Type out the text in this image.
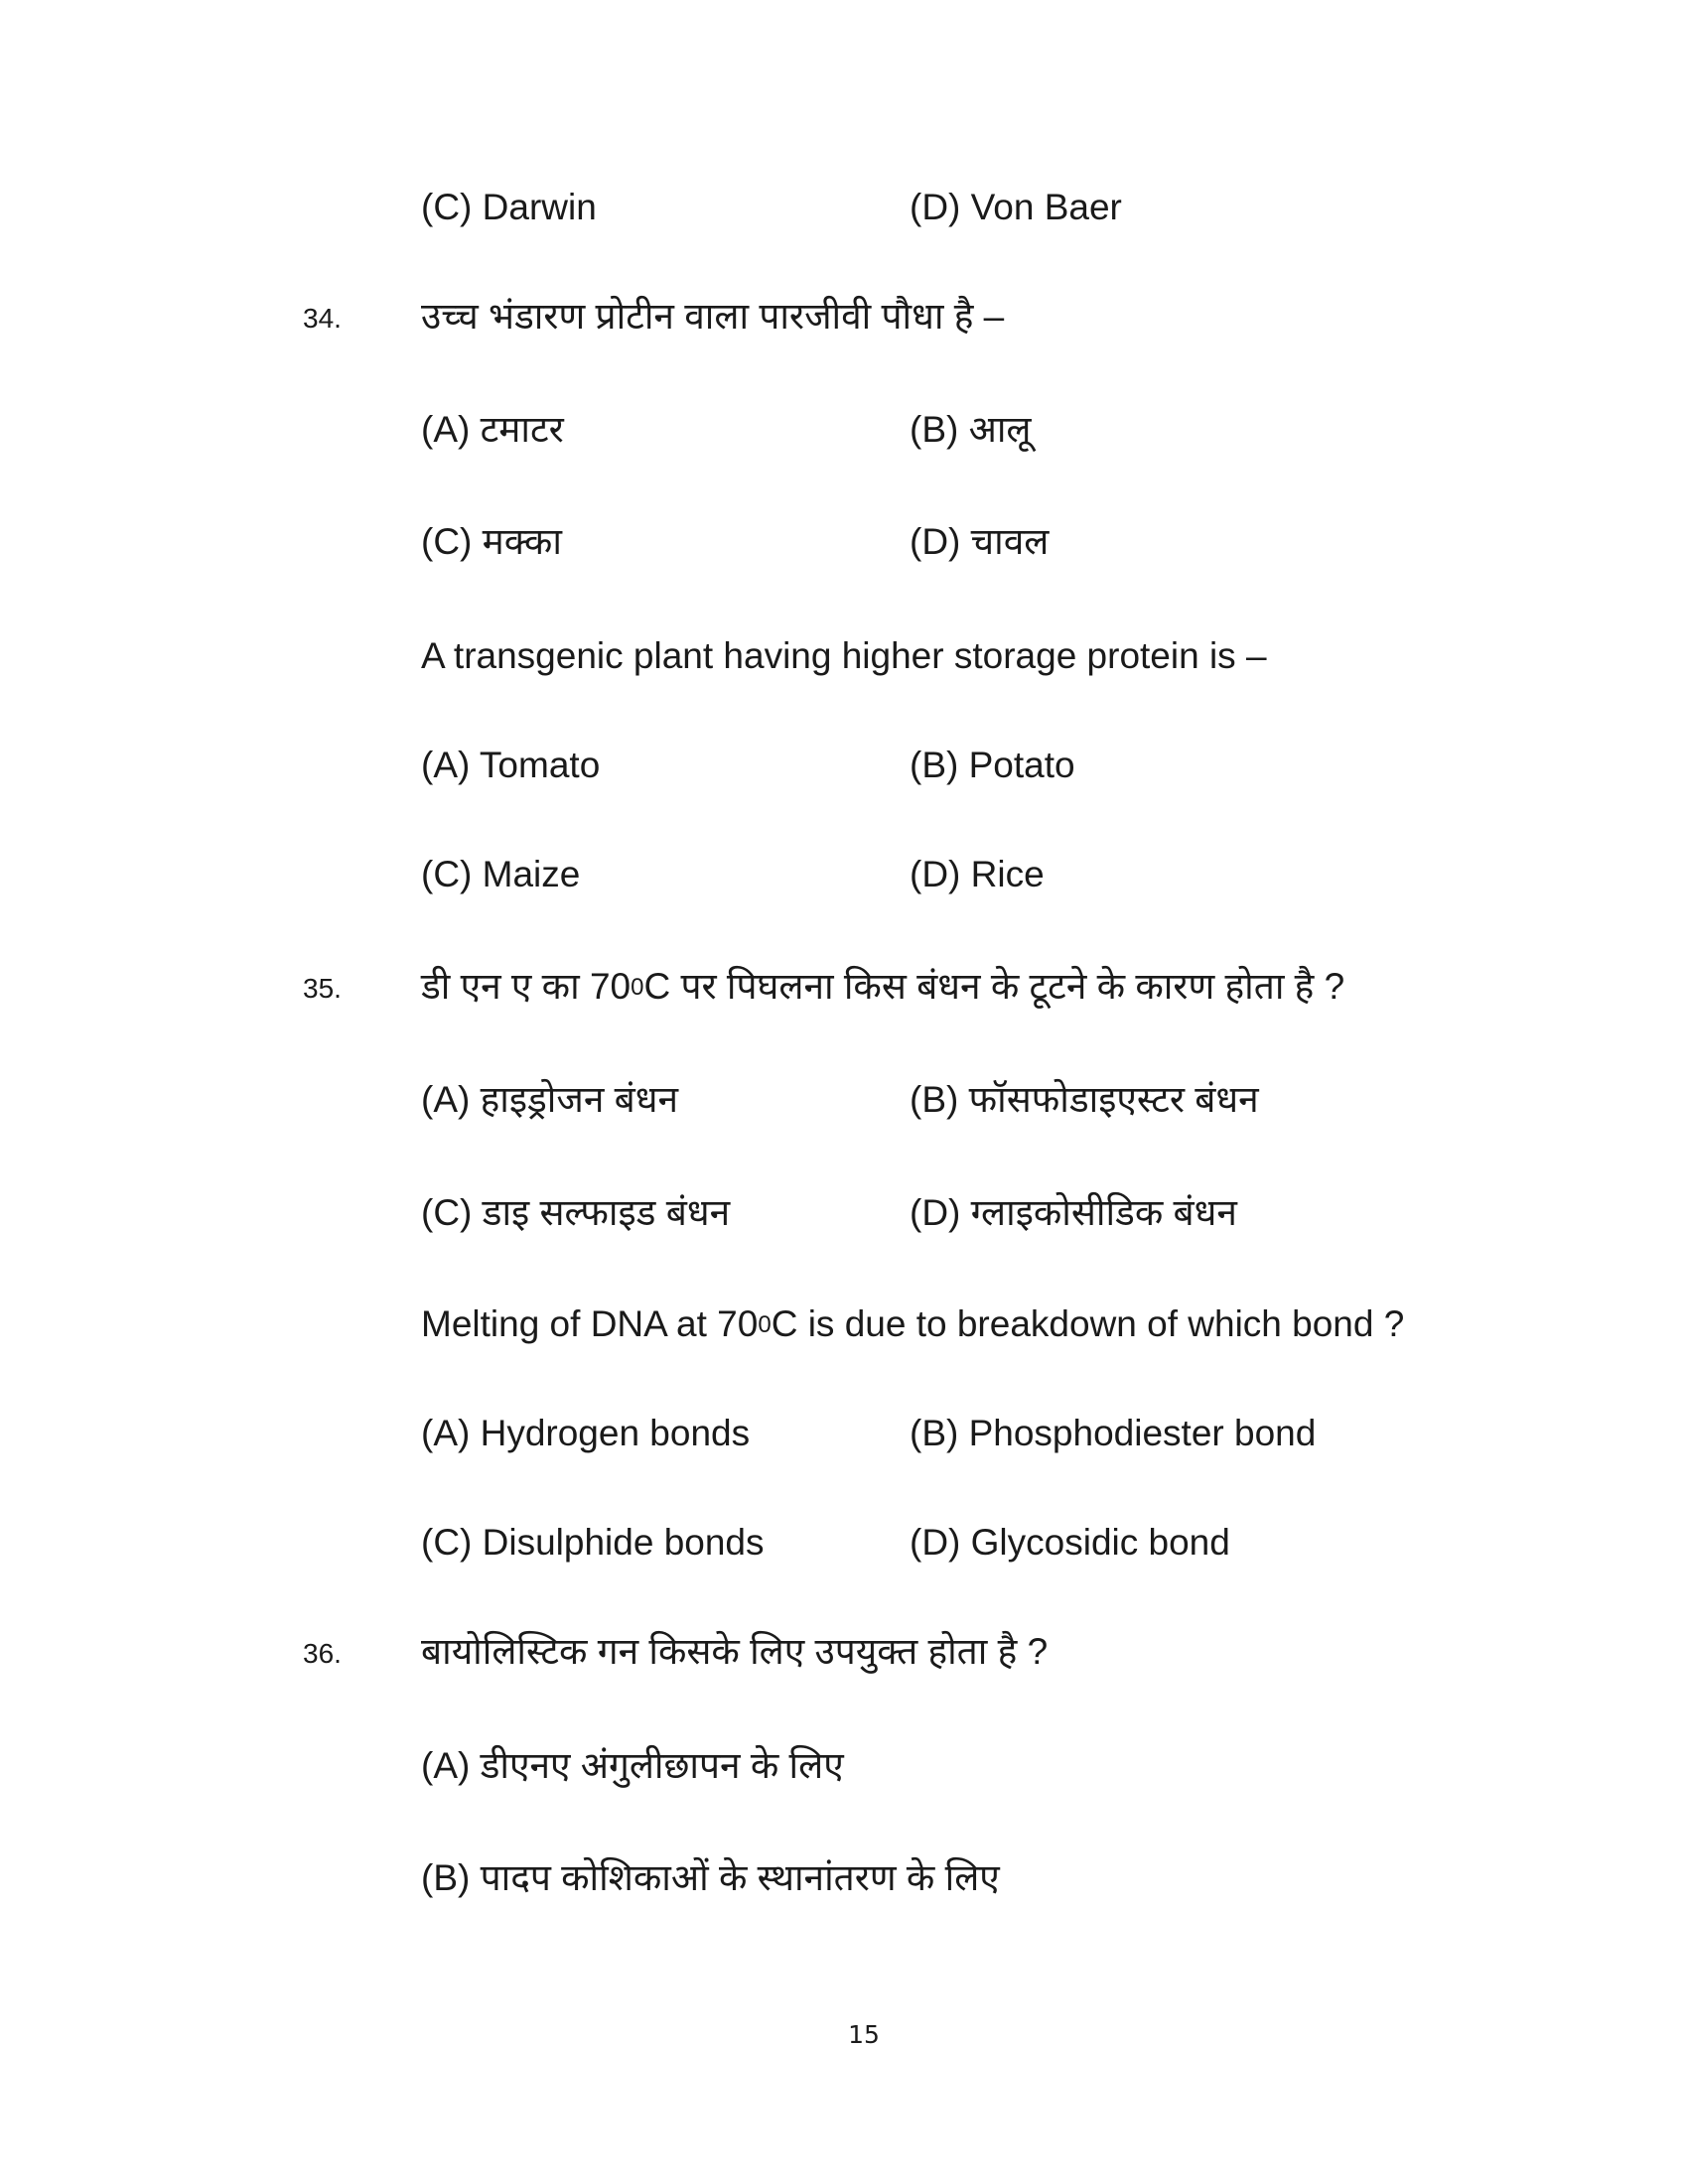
(C) Darwin	(D) Von Baer
34. उच्च भंडारण प्रोटीन वाला पारजीवी पौधा है –
(A) टमाटर	(B) आलू
(C) मक्का	(D) चावल
A transgenic plant having higher storage protein is –
(A) Tomato	(B) Potato
(C) Maize	(D) Rice
35. डी एन ए का $70^0C$ पर पिघलना किस बंधन के टूटने के कारण होता है ?
(A) हाइड्रोजन बंधन	(B) फॉसफोडाइएस्टर बंधन
(C) डाइ सल्फाइड बंधन	(D) ग्लाइकोसीडिक बंधन
Melting of DNA at $70^0C$ is due to breakdown of which bond ?
(A) Hydrogen bonds	(B) Phosphodiester bond
(C) Disulphide bonds	(D) Glycosidic bond
36. बायोलिस्टिक गन किसके लिए उपयुक्त होता है ?
(A) डीएनए अंगुलीछापन के लिए
(B) पादप कोशिकाओं के स्थानांतरण के लिए
15
